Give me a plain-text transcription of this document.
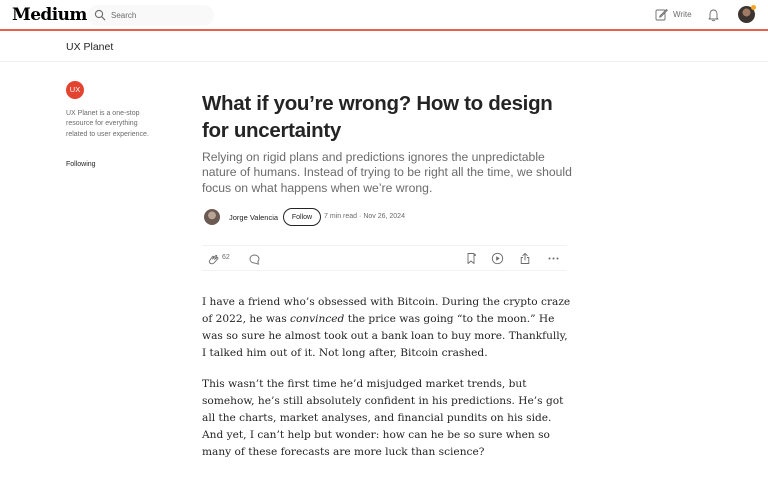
Medium
Search	Write
UX Planet
UX
UX Planet is a one-stop resource for everything related to user experience.
Following
What if you’re wrong? How to design for uncertainty
Relying on rigid plans and predictions ignores the unpredictable nature of humans. Instead of trying to be right all the time, we should focus on what happens when we’re wrong.
Jorge Valencia	Follow	7 min read · Nov 26, 2024
62

I have a friend who’s obsessed with Bitcoin. During the crypto craze of 2022, he was convinced the price was going “to the moon.” He was so sure he almost took out a bank loan to buy more. Thankfully, I talked him out of it. Not long after, Bitcoin crashed.

This wasn’t the first time he’d misjudged market trends, but somehow, he’s still absolutely confident in his predictions. He’s got all the charts, market analyses, and financial pundits on his side. And yet, I can’t help but wonder: how can he be so sure when so many of these forecasts are more luck than science?
